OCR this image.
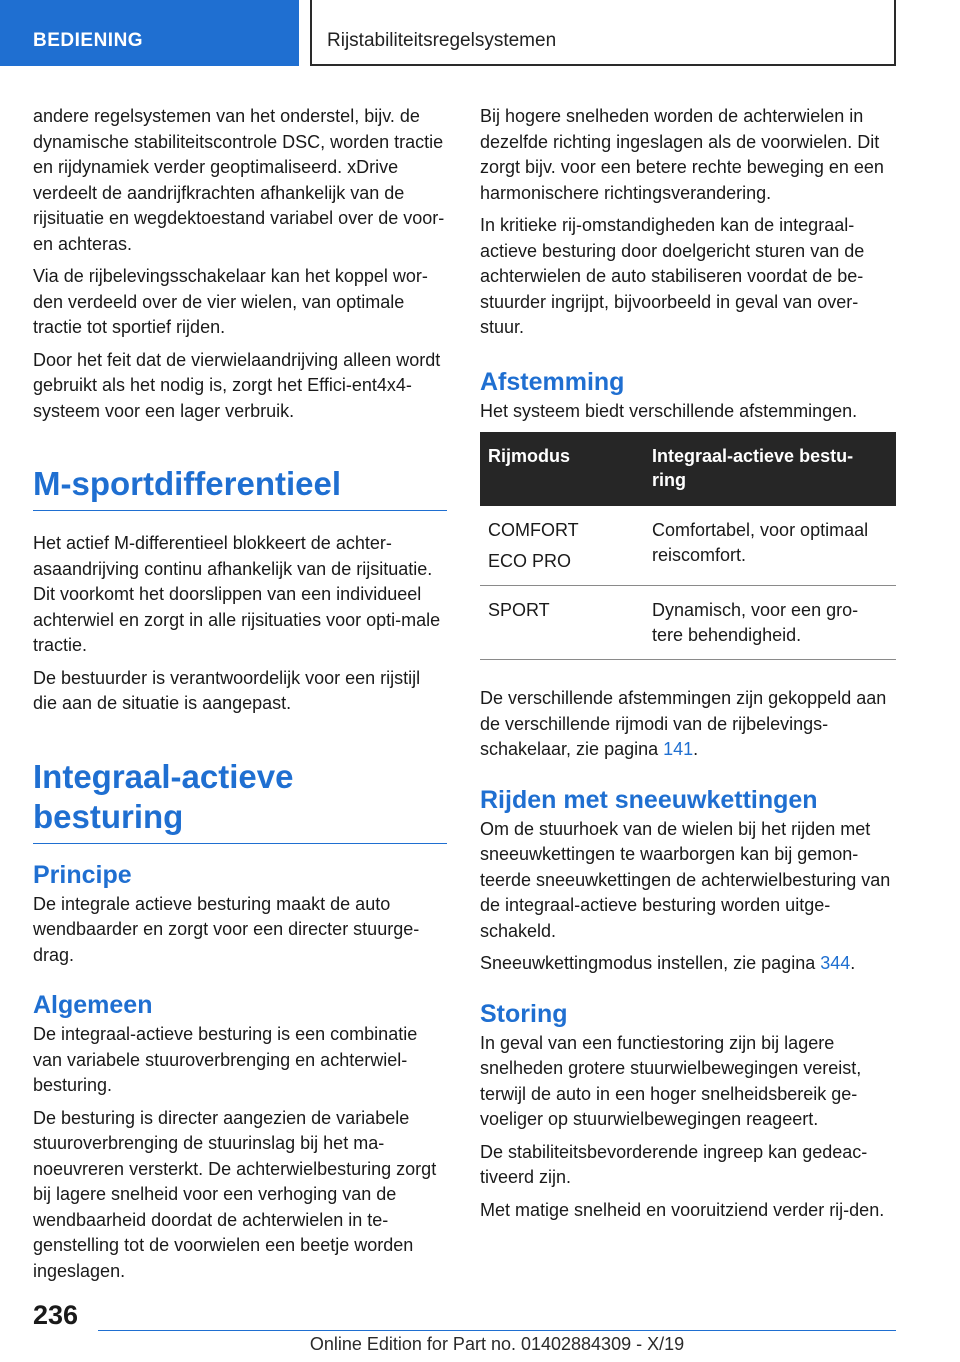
BEDIENING	Rijstabiliteitsregelsystemen

andere regelsystemen van het onderstel, bijv. de dynamische stabiliteitscontrole DSC, worden tractie en rijdynamiek verder geoptimaliseerd. xDrive verdeelt de aandrijfkrachten afhankelijk van de rijsituatie en wegdektoestand variabel over de voor- en achteras.

Via de rijbelevingsschakelaar kan het koppel wor-den verdeeld over de vier wielen, van optimale tractie tot sportief rijden.

Door het feit dat de vierwielaandrijving alleen wordt gebruikt als het nodig is, zorgt het Effici-ent4x4-systeem voor een lager verbruik.

M-sportdifferentieel

Het actief M-differentieel blokkeert de achter-asaandrijving continu afhankelijk van de rijsituatie. Dit voorkomt het doorslippen van een individueel achterwiel en zorgt in alle rijsituaties voor opti-male tractie.

De bestuurder is verantwoordelijk voor een rijstijl die aan de situatie is aangepast.

Integraal-actieve besturing
Principe

De integrale actieve besturing maakt de auto wendbaarder en zorgt voor een directer stuurge-drag.

Algemeen

De integraal-actieve besturing is een combinatie van variabele stuuroverbrenging en achterwiel-besturing.

De besturing is directer aangezien de variabele stuuroverbrenging de stuurinslag bij het ma-noeuvreren versterkt. De achterwielbesturing zorgt bij lagere snelheid voor een verhoging van de wendbaarheid doordat de achterwielen in te-genstelling tot de voorwielen een beetje worden ingeslagen.

Bij hogere snelheden worden de achterwielen in dezelfde richting ingeslagen als de voorwielen. Dit zorgt bijv. voor een betere rechte beweging en een harmonischere richtingsverandering.

In kritieke rij-omstandigheden kan de integraal-actieve besturing door doelgericht sturen van de achterwielen de auto stabiliseren voordat de be-stuurder ingrijpt, bijvoorbeeld in geval van over-stuur.

Afstemming

Het systeem biedt verschillende afstemmingen.

Rijmodus	Integraal-actieve bestu-ring

COMFORT
ECO PRO	Comfortabel, voor optimaal reiscomfort.
SPORT	Dynamisch, voor een gro-tere behendigheid.

De verschillende afstemmingen zijn gekoppeld aan de verschillende rijmodi van de rijbelevings-schakelaar, zie pagina 141.

Rijden met sneeuwkettingen

Om de stuurhoek van de wielen bij het rijden met sneeuwkettingen te waarborgen kan bij gemon-teerde sneeuwkettingen de achterwielbesturing van de integraal-actieve besturing worden uitge-schakeld.

Sneeuwkettingmodus instellen, zie pagina 344.

Storing

In geval van een functiestoring zijn bij lagere snelheden grotere stuurwielbewegingen vereist, terwijl de auto in een hoger snelheidsbereik ge-voeliger op stuurwielbewegingen reageert.

De stabiliteitsbevorderende ingreep kan gedeac-tiveerd zijn.

Met matige snelheid en vooruitziend verder rij-den.

236
Online Edition for Part no. 01402884309 - X/19
